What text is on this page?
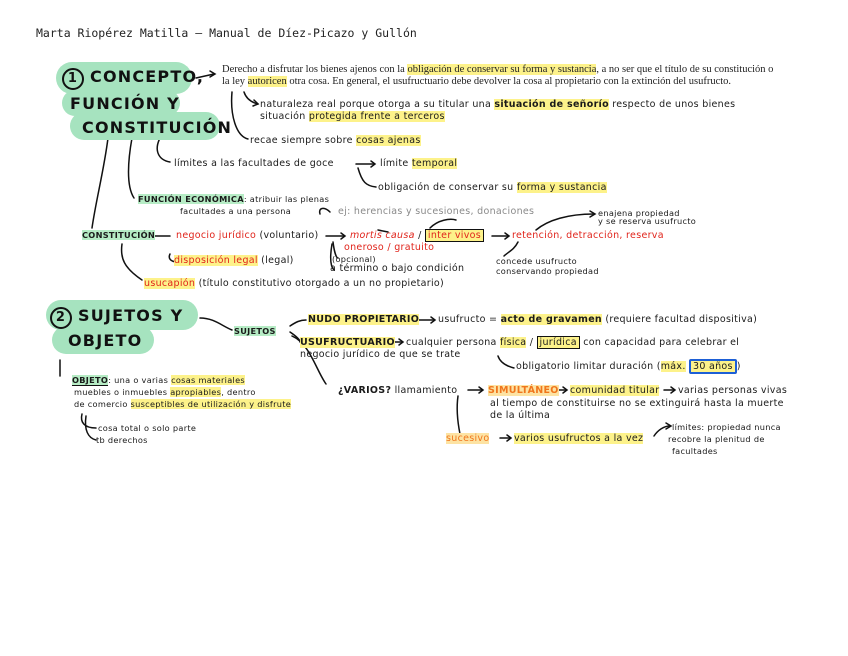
Marta Riopérez Matilla – Manual de Díez-Picazo y Gullón
1 CONCEPTO,
FUNCIÓN Y
CONSTITUCIÓN
Derecho a disfrutar los bienes ajenos con la obligación de conservar su forma y sustancia, a no ser que el título de su constitución o
la ley autoricen otra cosa. En general, el usufructuario debe devolver la cosa al propietario con la extinción del usufructo.
naturaleza real porque otorga a su titular una situación de señorío respecto de unos bienes
situación protegida frente a terceros
recae siempre sobre cosas ajenas
límites a las facultades de goce	límite temporal
obligación de conservar su forma y sustancia
FUNCIÓN ECONÓMICA: atribuir las plenas
facultades a una persona	ej: herencias y sucesiones, donaciones	enajena propiedad
y se reserva usufructo
CONSTITUCIÓN negocio jurídico (voluntario)	mortis causa / inter vivos	retención, detracción, reserva
oneroso / gratuito
(opcional)
a término o bajo condición
concede usufructo
conservando propiedad
disposición legal (legal)
usucapión (título constitutivo otorgado a un no propietario)
2 SUJETOS Y
OBJETO	SUJETOS
NUDO PROPIETARIO usufructo = acto de gravamen (requiere facultad dispositiva)
USUFRUCTUARIO cualquier persona física / jurídica con capacidad para celebrar el
negocio jurídico de que se trate
obligatorio limitar duración (máx. 30 años )
¿VARIOS? llamamiento	SIMULTÁNEO comunidad titular varias personas vivas
al tiempo de constituirse no se extinguirá hasta la muerte
de la última
sucesivo	varios usufructos a la vez
límites: propiedad nunca
recobre la plenitud de
facultades
OBJETO: una o varias cosas materiales
muebles o inmuebles apropiables, dentro
de comercio susceptibles de utilización y disfrute
cosa total o solo parte
tb derechos
